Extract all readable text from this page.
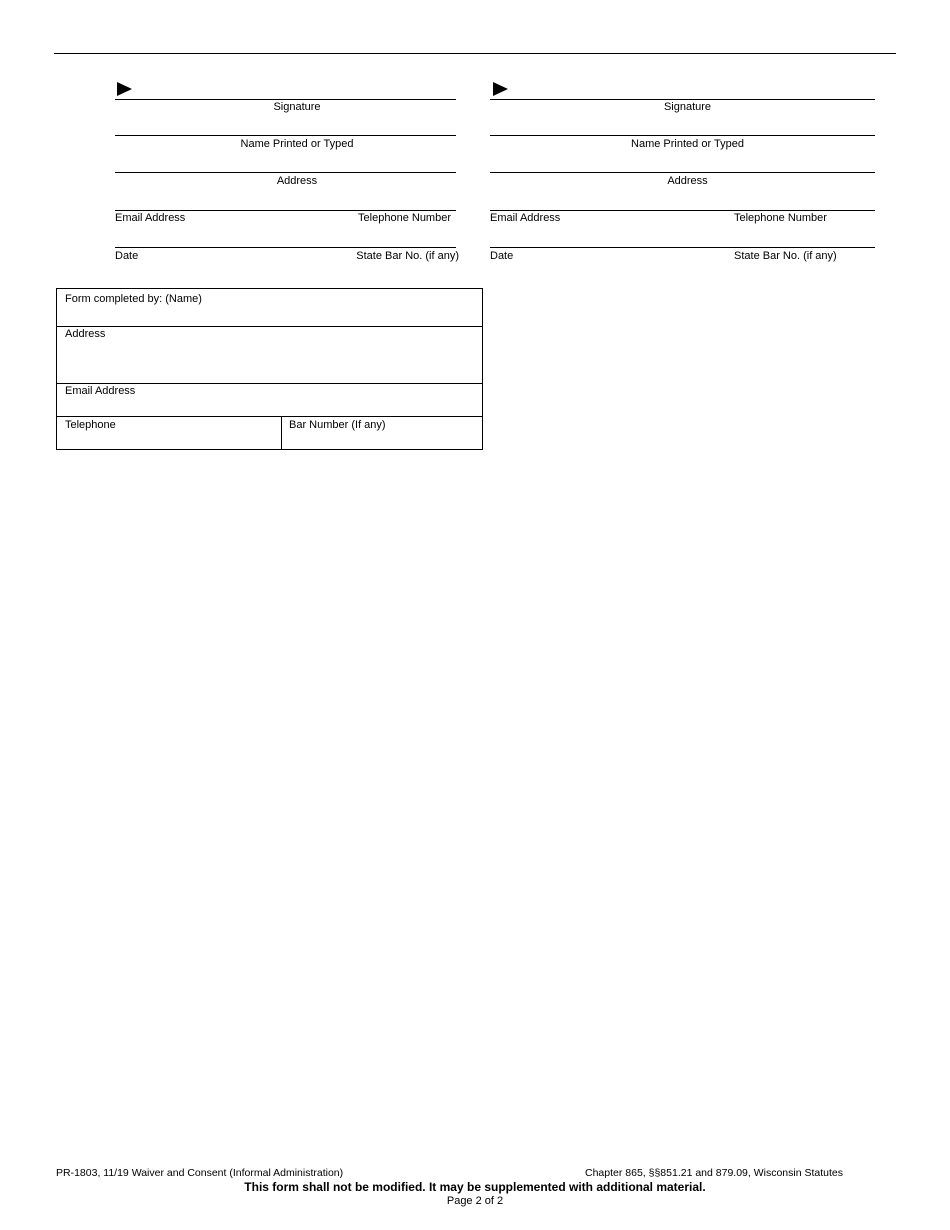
Signature
Name Printed or Typed
Address
Email Address	Telephone Number
Date	State Bar No. (if any)
Signature
Name Printed or Typed
Address
Email Address	Telephone Number
Date	State Bar No. (if any)
Form completed by: (Name)
Address
Email Address
Telephone	Bar Number (If any)
PR-1803, 11/19 Waiver and Consent (Informal Administration)	Chapter 865, §§851.21 and 879.09, Wisconsin Statutes
This form shall not be modified. It may be supplemented with additional material.
Page 2 of 2
